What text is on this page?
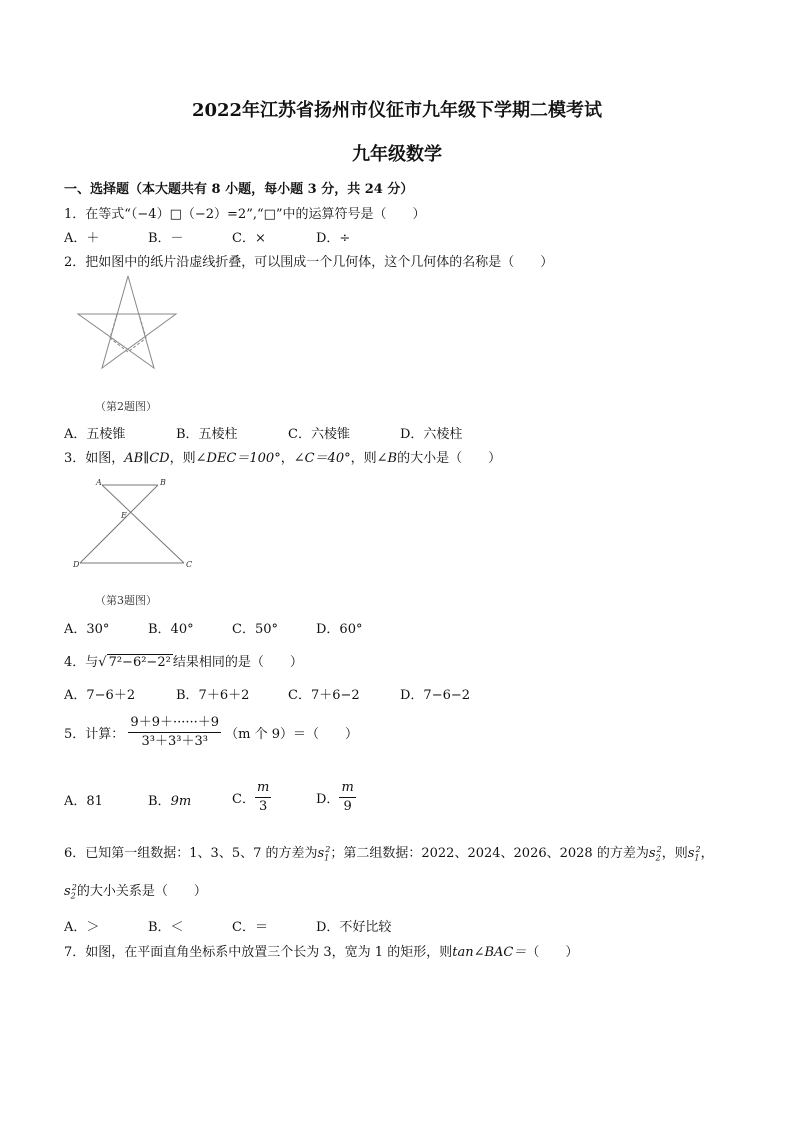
2022年江苏省扬州市仪征市九年级下学期二模考试
九年级数学
一、选择题（本大题共有 8 小题，每小题 3 分，共 24 分）
1．在等式“（−4）□（−2）=2”,“□”中的运算符号是（　　）
A．＋	B．－	C．×	D．÷
2．把如图中的纸片沿虚线折叠，可以围成一个几何体，这个几何体的名称是（　　）
（第2题图）
A．五棱锥	B．五棱柱	C．六棱锥	D．六棱柱
3．如图，AB∥CD，则∠DEC＝100°，∠C＝40°，则∠B的大小是（　　）
A	B
E
D	C
（第3题图）
A．30°	B．40°	C．50°	D．60°
4．与√ 7²−6²−2² 结果相同的是（　　）
A．7−6＋2	B．7＋6＋2	C．7＋6−2	D．7−6−2
5．计算： $\frac{9+9+\cdot\cdot\cdot\cdot\cdot\cdot+9}{\text{3³＋3³＋3³}} (m$ 个 9）＝（　　）
A．81	B．9m	C． $\frac{m}{3}$	D． $\frac{m}{9}$
6．已知第一组数据：1、3、5、7 的方差为$s_1^2$；第二组数据：2022、2024、2026、2028 的方差为$s_2^2$，则$s_1^2$，
$s_2^2$的大小关系是（　　）
A．＞	B．＜	C．＝	D．不好比较
7．如图，在平面直角坐标系中放置三个长为 3，宽为 1 的矩形，则tan∠BAC＝（　　）
